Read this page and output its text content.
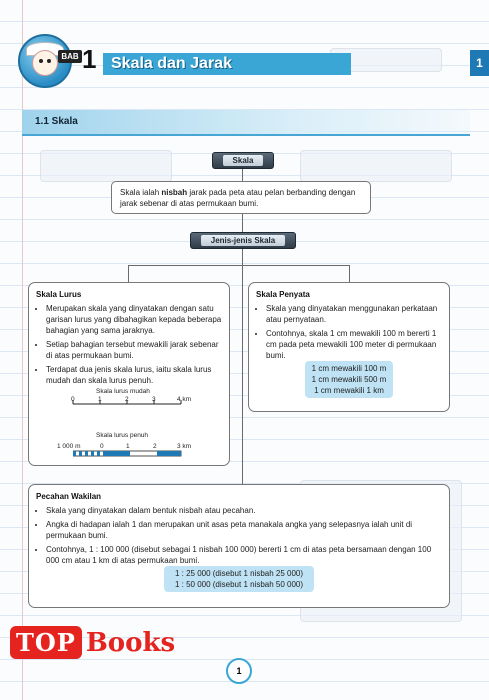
BAB 1 Skala dan Jarak	1
1.1 Skala
Skala
Jenis-jenis Skala
Skala ialah nisbah jarak pada peta atau pelan berbanding dengan jarak sebenar di atas permukaan bumi.
Skala Lurus
• Merupakan skala yang dinyatakan dengan satu garisan lurus yang dibahagikan kepada beberapa bahagian yang sama jaraknya.
• Setiap bahagian tersebut mewakili jarak sebenar di atas permukaan bumi.
• Terdapat dua jenis skala lurus, iaitu skala lurus mudah dan skala lurus penuh.
Skala lurus mudah
0	1	2	3	4 km
Skala lurus penuh
1 000 m	0	1	2	3 km
Skala Penyata
• Skala yang dinyatakan menggunakan perkataan atau pernyataan.
• Contohnya, skala 1 cm mewakili 100 m bererti 1 cm pada peta mewakili 100 meter di permukaan bumi.
1 cm mewakili 100 m
1 cm mewakili 500 m
1 cm mewakili 1 km
Pecahan Wakilan
• Skala yang dinyatakan dalam bentuk nisbah atau pecahan.
• Angka di hadapan ialah 1 dan merupakan unit asas peta manakala angka yang selepasnya ialah unit di permukaan bumi.
• Contohnya, 1 : 100 000 (disebut sebagai 1 nisbah 100 000) bererti 1 cm di atas peta bersamaan dengan 100 000 cm atau 1 km di atas permukaan bumi.
1 : 25 000 (disebut 1 nisbah 25 000)
1 : 50 000 (disebut 1 nisbah 50 000)
TOP Books
1
